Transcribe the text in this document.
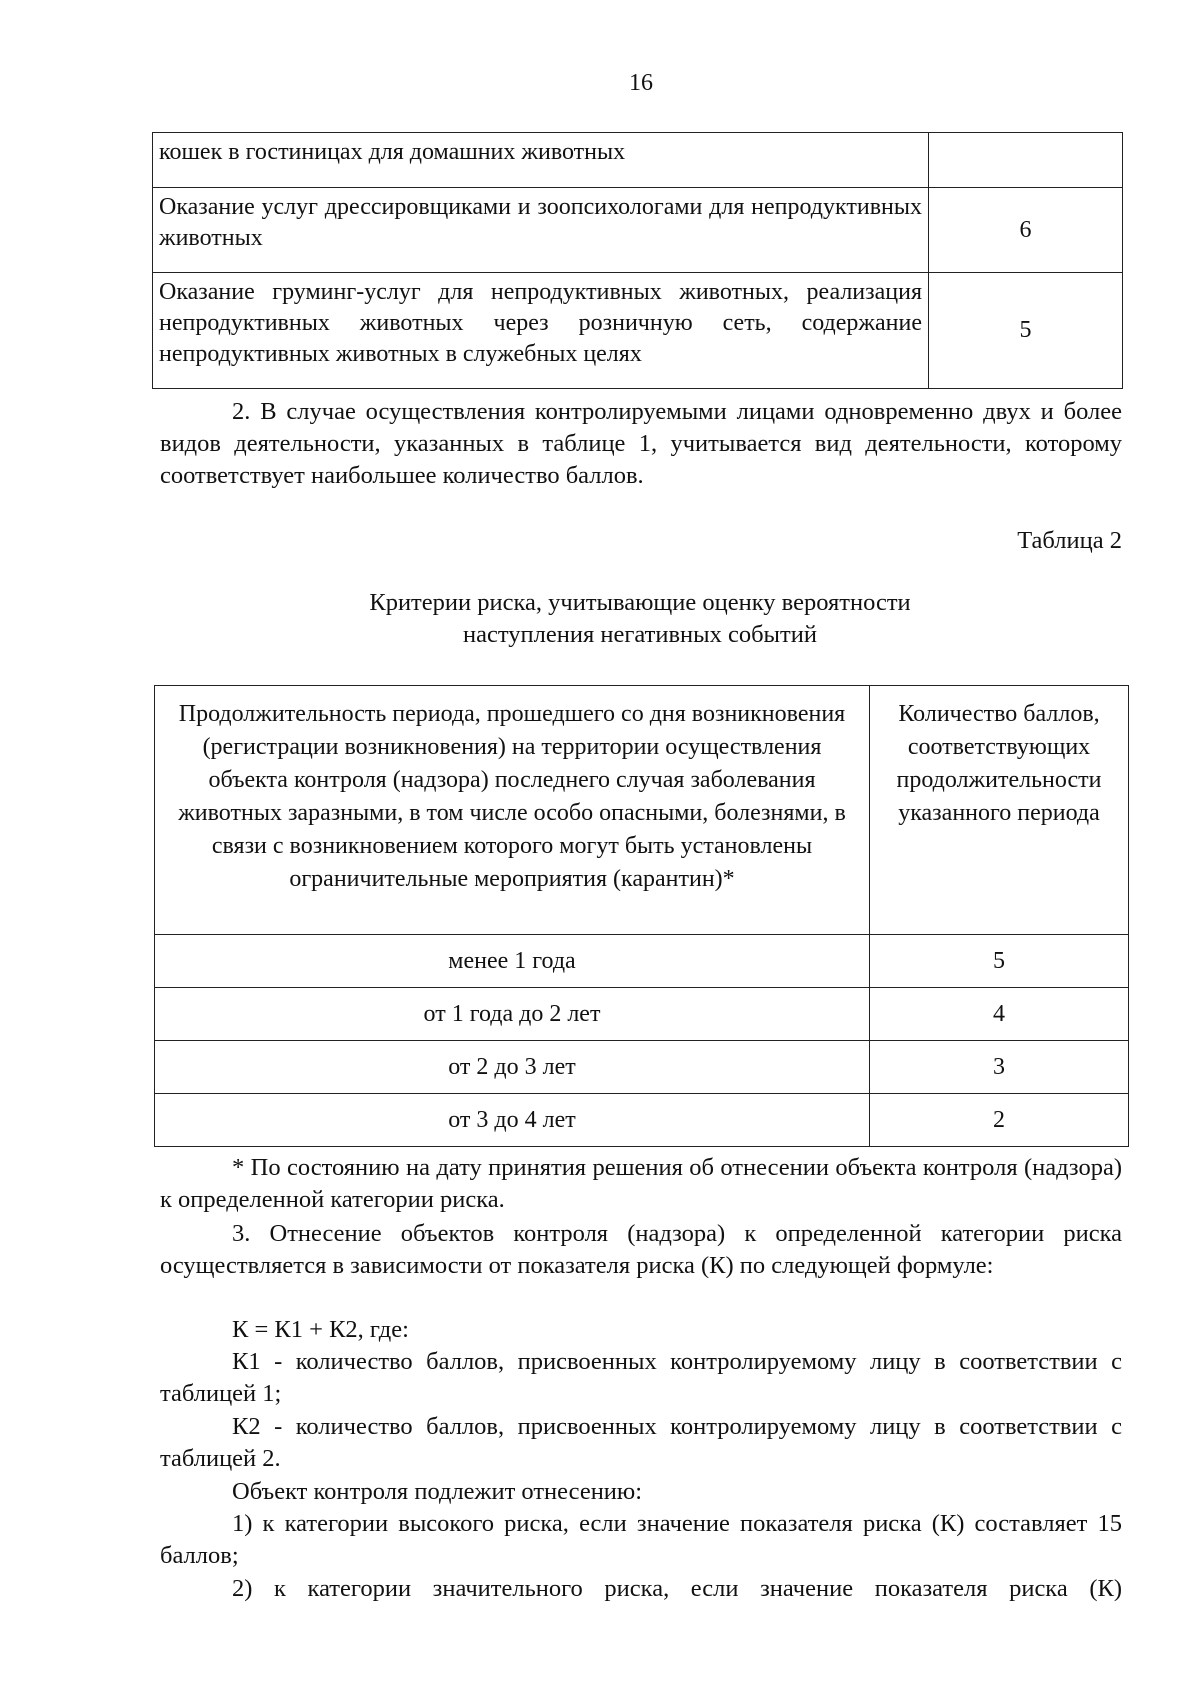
16
кошек в гостиницах для домашних животных	
Оказание услуг дрессировщиками и зоопсихологами для непродуктивных животных	6
Оказание груминг-услуг для непродуктивных животных, реализация непродуктивных животных через розничную сеть, содержание непродуктивных животных в служебных целях	5
2. В случае осуществления контролируемыми лицами одновременно двух и более видов деятельности, указанных в таблице 1, учитывается вид деятельности, которому соответствует наибольшее количество баллов.
Таблица 2
Критерии риска, учитывающие оценку вероятности
наступления негативных событий
Продолжительность периода, прошедшего со дня возникновения (регистрации возникновения) на территории осуществления объекта контроля (надзора) последнего случая заболевания животных заразными, в том числе особо опасными, болезнями, в связи с возникновением которого могут быть установлены ограничительные мероприятия (карантин)*	Количество баллов, соответствующих продолжительности указанного периода
менее 1 года	5
от 1 года до 2 лет	4
от 2 до 3 лет	3
от 3 до 4 лет	2
* По состоянию на дату принятия решения об отнесении объекта контроля (надзора) к определенной категории риска.
3. Отнесение объектов контроля (надзора) к определенной категории риска осуществляется в зависимости от показателя риска (К) по следующей формуле:
К = К1 + К2, где:
К1 - количество баллов, присвоенных контролируемому лицу в соответствии с таблицей 1;
К2 - количество баллов, присвоенных контролируемому лицу в соответствии с таблицей 2.
Объект контроля подлежит отнесению:
1) к категории высокого риска, если значение показателя риска (К) составляет 15 баллов;
2) к категории значительного риска, если значение показателя риска (К)
